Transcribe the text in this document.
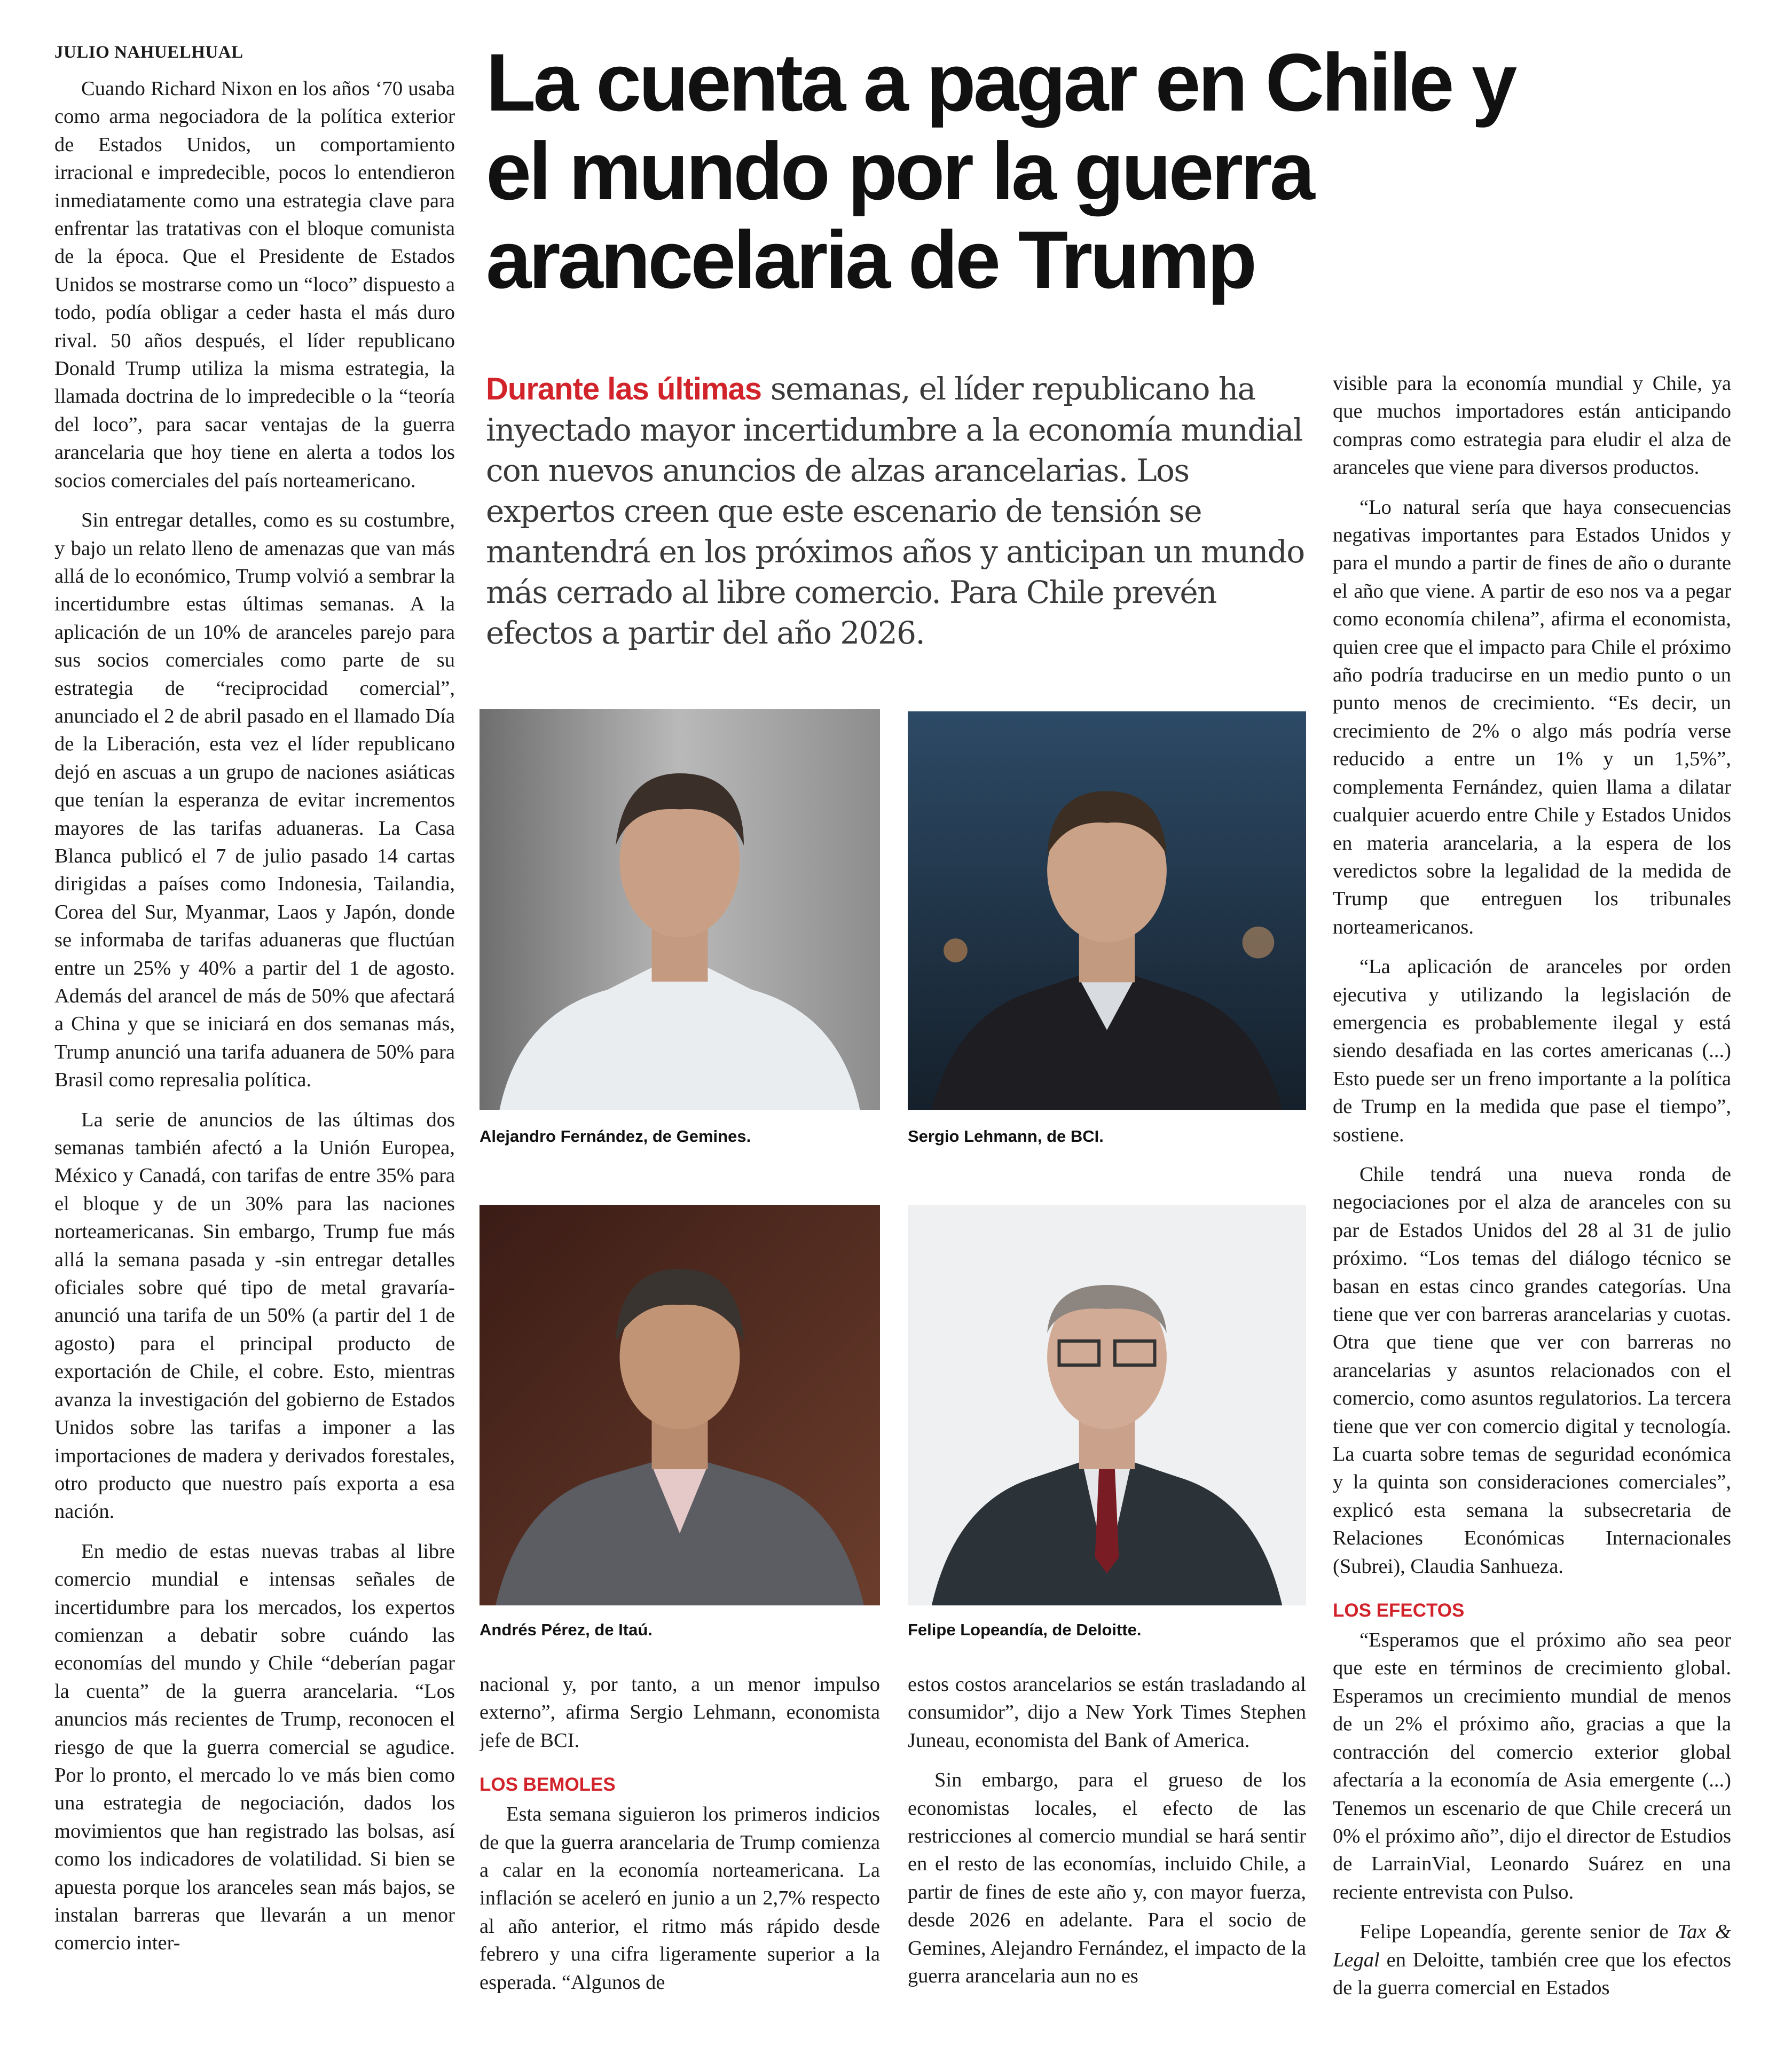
La cuenta a pagar en Chile y el mundo por la guerra arancelaria de Trump

Durante las últimas semanas, el líder republicano ha inyectado mayor incertidumbre a la economía mundial con nuevos anuncios de alzas arancelarias. Los expertos creen que este escenario de tensión se mantendrá en los próximos años y anticipan un mundo más cerrado al libre comercio. Para Chile prevén efectos a partir del año 2026.

JULIO NAHUELHUAL

Cuando Richard Nixon en los años ‘70 usaba como arma negociadora de la política exterior de Estados Unidos, un comportamiento irracional e impredecible, pocos lo entendieron inmediatamente como una estrategia clave para enfrentar las tratativas con el bloque comunista de la época. Que el Presidente de Estados Unidos se mostrarse como un “loco” dispuesto a todo, podía obligar a ceder hasta el más duro rival. 50 años después, el líder republicano Donald Trump utiliza la misma estrategia, la llamada doctrina de lo impredecible o la “teoría del loco”, para sacar ventajas de la guerra arancelaria que hoy tiene en alerta a todos los socios comerciales del país norteamericano.

Sin entregar detalles, como es su costumbre, y bajo un relato lleno de amenazas que van más allá de lo económico, Trump volvió a sembrar la incertidumbre estas últimas semanas. A la aplicación de un 10% de aranceles parejo para sus socios comerciales como parte de su estrategia de “reciprocidad comercial”, anunciado el 2 de abril pasado en el llamado Día de la Liberación, esta vez el líder republicano dejó en ascuas a un grupo de naciones asiáticas que tenían la esperanza de evitar incrementos mayores de las tarifas aduaneras. La Casa Blanca publicó el 7 de julio pasado 14 cartas dirigidas a países como Indonesia, Tailandia, Corea del Sur, Myanmar, Laos y Japón, donde se informaba de tarifas aduaneras que fluctúan entre un 25% y 40% a partir del 1 de agosto. Además del arancel de más de 50% que afectará a China y que se iniciará en dos semanas más, Trump anunció una tarifa aduanera de 50% para Brasil como represalia política.

La serie de anuncios de las últimas dos semanas también afectó a la Unión Europea, México y Canadá, con tarifas de entre 35% para el bloque y de un 30% para las naciones norteamericanas. Sin embargo, Trump fue más allá la semana pasada y -sin entregar detalles oficiales sobre qué tipo de metal gravaría- anunció una tarifa de un 50% (a partir del 1 de agosto) para el principal producto de exportación de Chile, el cobre. Esto, mientras avanza la investigación del gobierno de Estados Unidos sobre las tarifas a imponer a las importaciones de madera y derivados forestales, otro producto que nuestro país exporta a esa nación.

En medio de estas nuevas trabas al libre comercio mundial e intensas señales de incertidumbre para los mercados, los expertos comienzan a debatir sobre cuándo las economías del mundo y Chile “deberían pagar la cuenta” de la guerra arancelaria. “Los anuncios más recientes de Trump, reconocen el riesgo de que la guerra comercial se agudice. Por lo pronto, el mercado lo ve más bien como una estrategia de negociación, dados los movimientos que han registrado las bolsas, así como los indicadores de volatilidad. Si bien se apuesta porque los aranceles sean más bajos, se instalan barreras que llevarán a un menor comercio inter-

Alejandro Fernández, de Gemines.	Sergio Lehmann, de BCI.
Andrés Pérez, de Itaú.	Felipe Lopeandía, de Deloitte.

nacional y, por tanto, a un menor impulso externo”, afirma Sergio Lehmann, economista jefe de BCI.

LOS BEMOLES

Esta semana siguieron los primeros indicios de que la guerra arancelaria de Trump comienza a calar en la economía norteamericana. La inflación se aceleró en junio a un 2,7% respecto al año anterior, el ritmo más rápido desde febrero y una cifra ligeramente superior a la esperada. “Algunos de

estos costos arancelarios se están trasladando al consumidor”, dijo a New York Times Stephen Juneau, economista del Bank of America.

Sin embargo, para el grueso de los economistas locales, el efecto de las restricciones al comercio mundial se hará sentir en el resto de las economías, incluido Chile, a partir de fines de este año y, con mayor fuerza, desde 2026 en adelante. Para el socio de Gemines, Alejandro Fernández, el impacto de la guerra arancelaria aun no es

visible para la economía mundial y Chile, ya que muchos importadores están anticipando compras como estrategia para eludir el alza de aranceles que viene para diversos productos.

“Lo natural sería que haya consecuencias negativas importantes para Estados Unidos y para el mundo a partir de fines de año o durante el año que viene. A partir de eso nos va a pegar como economía chilena”, afirma el economista, quien cree que el impacto para Chile el próximo año podría traducirse en un medio punto o un punto menos de crecimiento. “Es decir, un crecimiento de 2% o algo más podría verse reducido a entre un 1% y un 1,5%”, complementa Fernández, quien llama a dilatar cualquier acuerdo entre Chile y Estados Unidos en materia arancelaria, a la espera de los veredictos sobre la legalidad de la medida de Trump que entreguen los tribunales norteamericanos.

“La aplicación de aranceles por orden ejecutiva y utilizando la legislación de emergencia es probablemente ilegal y está siendo desafiada en las cortes americanas (...) Esto puede ser un freno importante a la política de Trump en la medida que pase el tiempo”, sostiene.

Chile tendrá una nueva ronda de negociaciones por el alza de aranceles con su par de Estados Unidos del 28 al 31 de julio próximo. “Los temas del diálogo técnico se basan en estas cinco grandes categorías. Una tiene que ver con barreras arancelarias y cuotas. Otra que tiene que ver con barreras no arancelarias y asuntos relacionados con el comercio, como asuntos regulatorios. La tercera tiene que ver con comercio digital y tecnología. La cuarta sobre temas de seguridad económica y la quinta son consideraciones comerciales”, explicó esta semana la subsecretaria de Relaciones Económicas Internacionales (Subrei), Claudia Sanhueza.

LOS EFECTOS

“Esperamos que el próximo año sea peor que este en términos de crecimiento global. Esperamos un crecimiento mundial de menos de un 2% el próximo año, gracias a que la contracción del comercio exterior global afectaría a la economía de Asia emergente (...) Tenemos un escenario de que Chile crecerá un 0% el próximo año”, dijo el director de Estudios de LarrainVial, Leonardo Suárez en una reciente entrevista con Pulso.

Felipe Lopeandía, gerente senior de Tax & Legal en Deloitte, también cree que los efectos de la guerra comercial en Estados
